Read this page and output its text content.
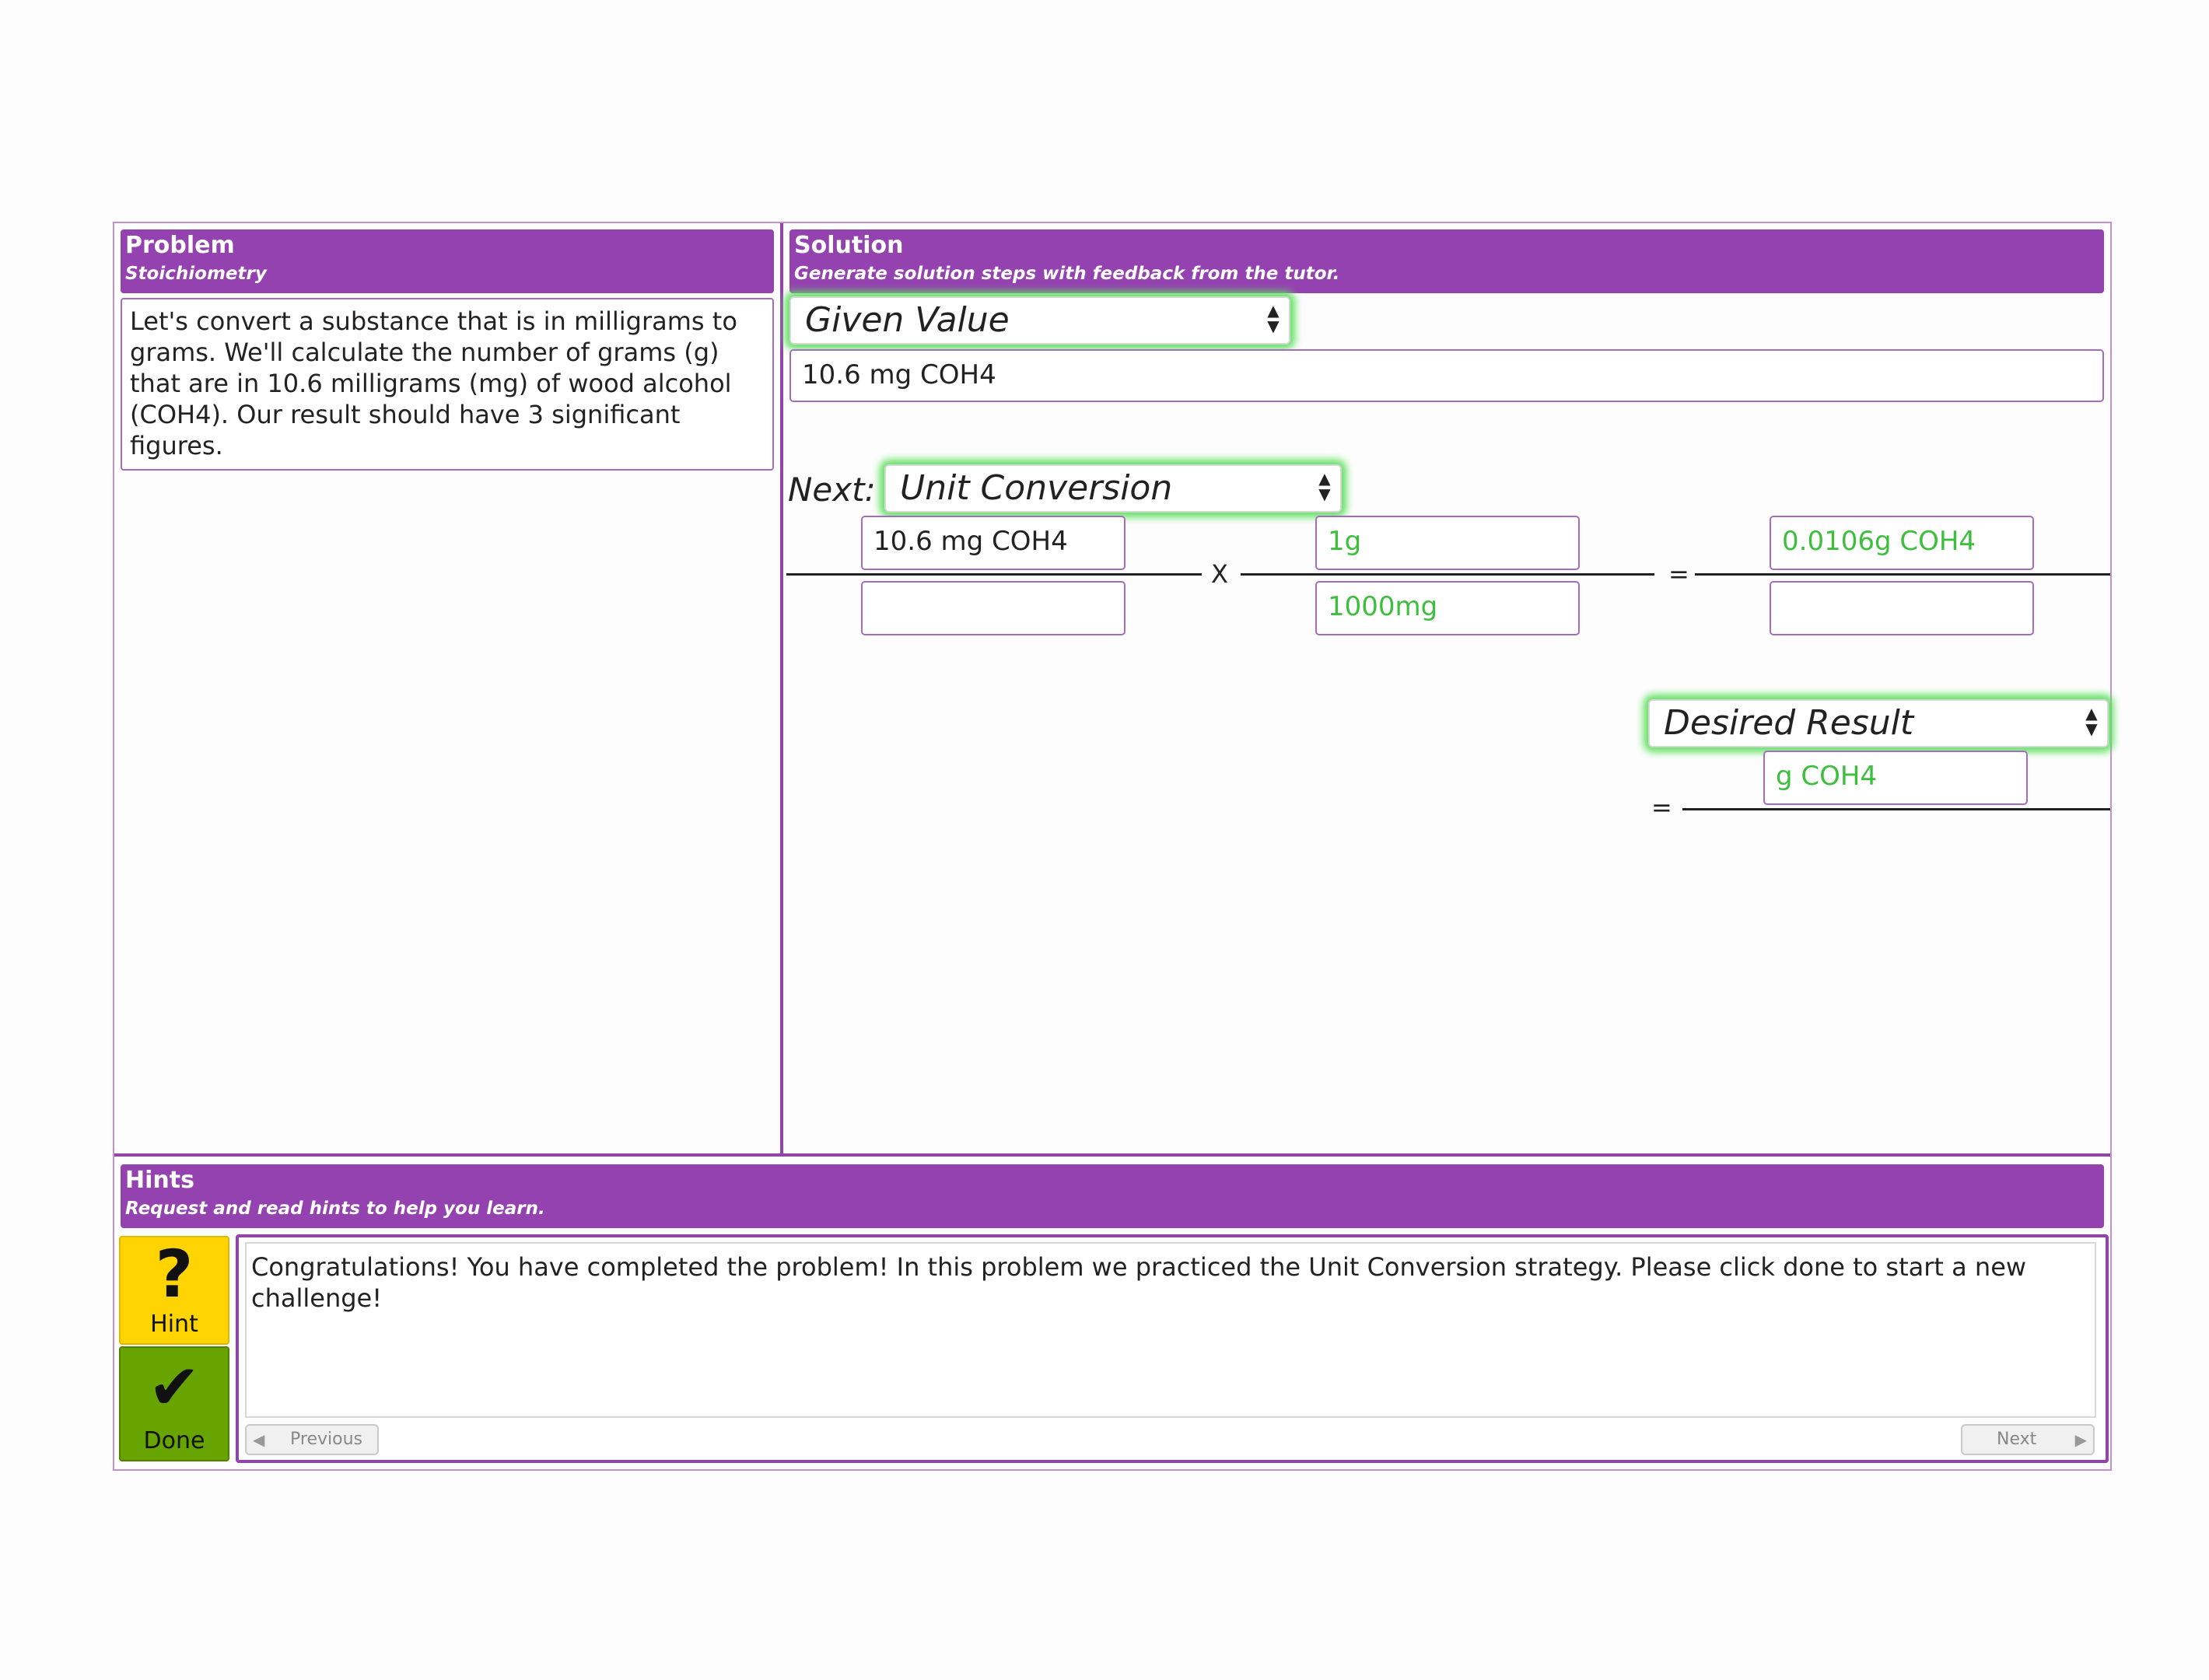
Problem
Stoichiometry
Let's convert a substance that is in milligrams to grams. We'll calculate the number of grams (g) that are in 10.6 milligrams (mg) of wood alcohol (COH4). Our result should have 3 significant figures.
Solution
Generate solution steps with feedback from the tutor.
Given Value	▲
▼
10.6 mg COH4
Next: Unit Conversion	▲
▼
10.6 mg COH4
X
1g
1000mg
=
0.0106g COH4
Desired Result	▲
▼
g COH4
=
Hints
Request and read hints to help you learn.
?
Hint
✔
Done
Congratulations! You have completed the problem! In this problem we practiced the Unit Conversion strategy. Please click done to start a new challenge!
◀ Previous	Next ▶
